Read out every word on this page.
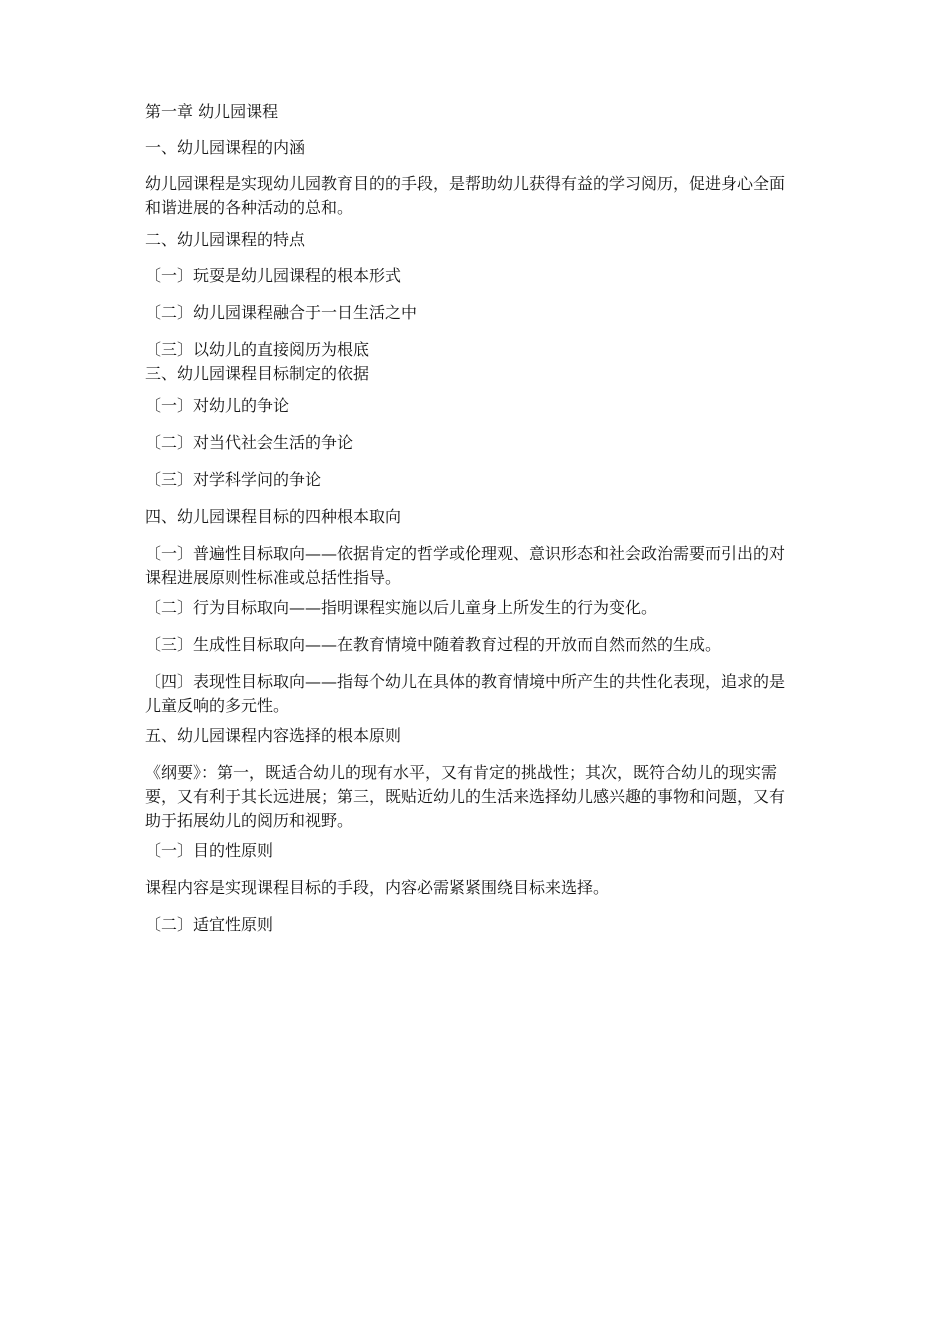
第一章 幼儿园课程

一、幼儿园课程的内涵

幼儿园课程是实现幼儿园教育目的的手段，是帮助幼儿获得有益的学习阅历，促进身心全面和谐进展的各种活动的总和。

二、幼儿园课程的特点

〔一〕玩耍是幼儿园课程的根本形式

〔二〕幼儿园课程融合于一日生活之中

〔三〕以幼儿的直接阅历为根底

三、幼儿园课程目标制定的依据

〔一〕对幼儿的争论

〔二〕对当代社会生活的争论

〔三〕对学科学问的争论

四、幼儿园课程目标的四种根本取向

〔一〕普遍性目标取向——依据肯定的哲学或伦理观、意识形态和社会政治需要而引出的对课程进展原则性标准或总括性指导。

〔二〕行为目标取向——指明课程实施以后儿童身上所发生的行为变化。

〔三〕生成性目标取向——在教育情境中随着教育过程的开放而自然而然的生成。

〔四〕表现性目标取向——指每个幼儿在具体的教育情境中所产生的共性化表现，追求的是儿童反响的多元性。

五、幼儿园课程内容选择的根本原则

《纲要》：第一，既适合幼儿的现有水平，又有肯定的挑战性；其次，既符合幼儿的现实需要，又有利于其长远进展；第三，既贴近幼儿的生活来选择幼儿感兴趣的事物和问题，又有助于拓展幼儿的阅历和视野。

〔一〕目的性原则

课程内容是实现课程目标的手段，内容必需紧紧围绕目标来选择。

〔二〕适宜性原则
